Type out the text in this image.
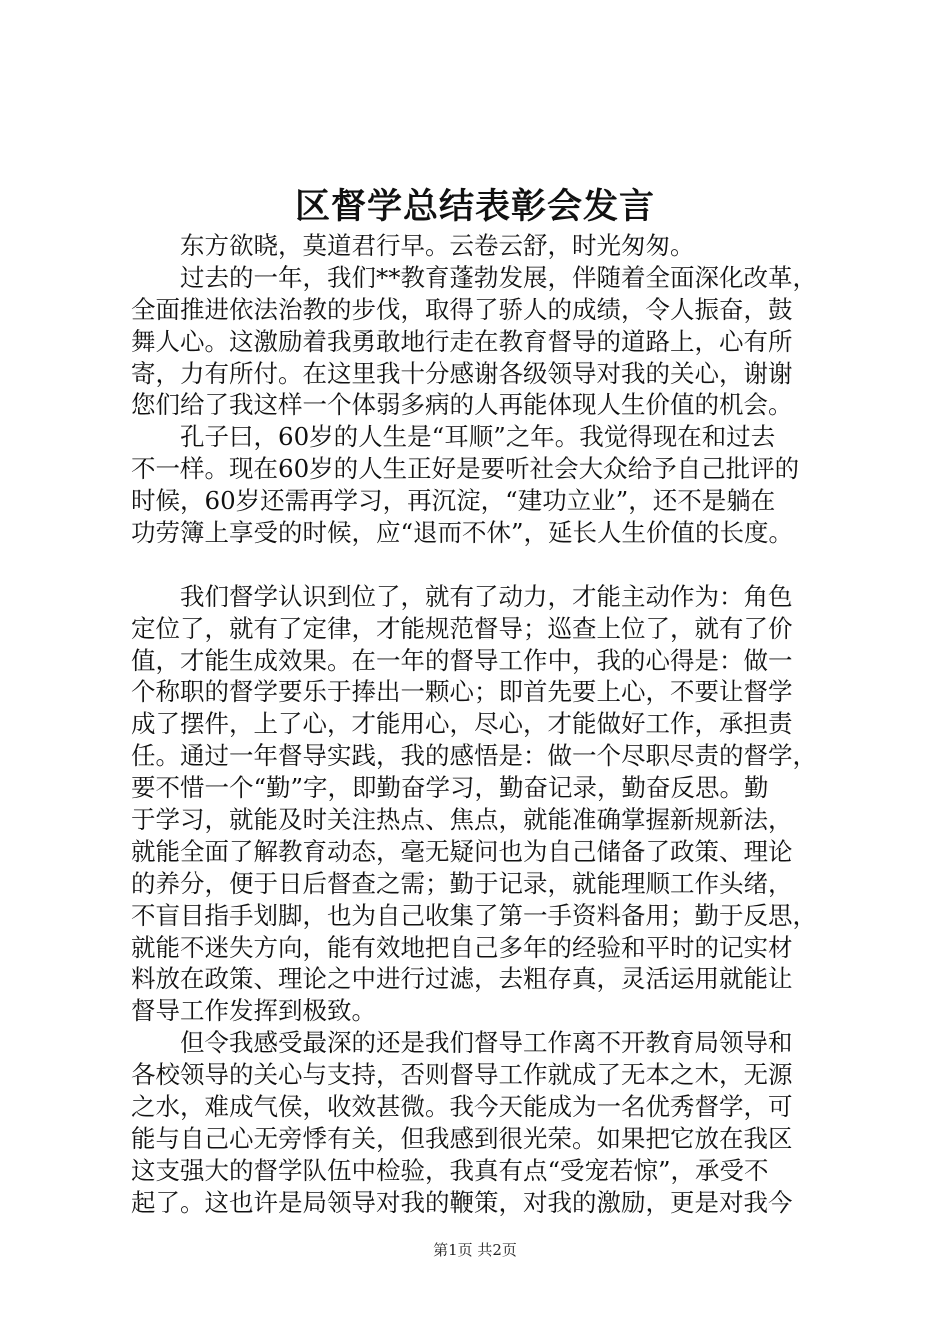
区督学总结表彰会发言
东方欲晓，莫道君行早。云卷云舒，时光匆匆。
过去的一年，我们**教育蓬勃发展，伴随着全面深化改革，
全面推进依法治教的步伐，取得了骄人的成绩，令人振奋，鼓
舞人心。这激励着我勇敢地行走在教育督导的道路上，心有所
寄，力有所付。在这里我十分感谢各级领导对我的关心，谢谢
您们给了我这样一个体弱多病的人再能体现人生价值的机会。
孔子曰，60岁的人生是“耳顺”之年。我觉得现在和过去
不一样。现在60岁的人生正好是要听社会大众给予自己批评的
时候，60岁还需再学习，再沉淀，“建功立业”，还不是躺在
功劳簿上享受的时候，应“退而不休”，延长人生价值的长度。
我们督学认识到位了，就有了动力，才能主动作为：角色
定位了，就有了定律，才能规范督导；巡查上位了，就有了价
值，才能生成效果。在一年的督导工作中，我的心得是：做一
个称职的督学要乐于捧出一颗心；即首先要上心，不要让督学
成了摆件，上了心，才能用心，尽心，才能做好工作，承担责
任。通过一年督导实践，我的感悟是：做一个尽职尽责的督学，
要不惜一个“勤”字，即勤奋学习，勤奋记录，勤奋反思。勤
于学习，就能及时关注热点、焦点，就能准确掌握新规新法，
就能全面了解教育动态，毫无疑问也为自己储备了政策、理论
的养分，便于日后督查之需；勤于记录，就能理顺工作头绪，
不盲目指手划脚，也为自己收集了第一手资料备用；勤于反思，
就能不迷失方向，能有效地把自己多年的经验和平时的记实材
料放在政策、理论之中进行过滤，去粗存真，灵活运用就能让
督导工作发挥到极致。
但令我感受最深的还是我们督导工作离不开教育局领导和
各校领导的关心与支持，否则督导工作就成了无本之木，无源
之水，难成气侯，收效甚微。我今天能成为一名优秀督学，可
能与自己心无旁悸有关，但我感到很光荣。如果把它放在我区
这支强大的督学队伍中检验，我真有点“受宠若惊”，承受不
起了。这也许是局领导对我的鞭策，对我的激励，更是对我今
第1页 共2页
